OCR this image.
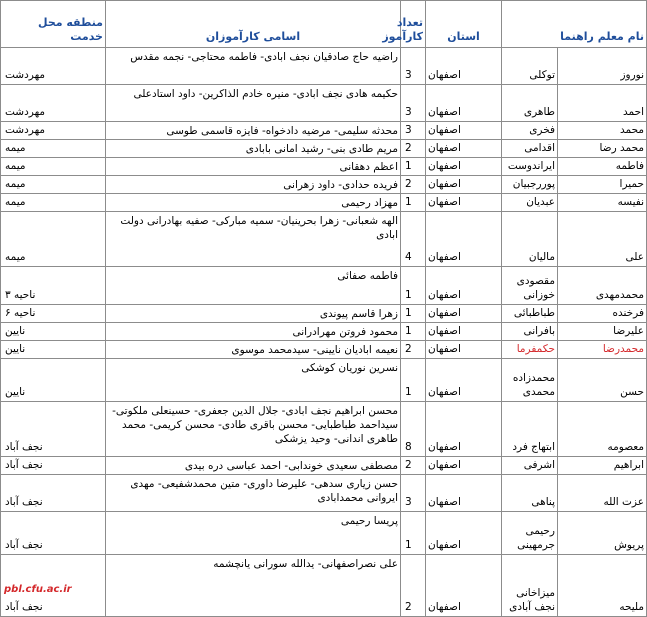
نام معلم راهنما		استان	تعداد کارآموز	اسامی کارآموزان	منطقه محل خدمت
نوروز	توکلی	اصفهان	3	راضیه حاج صادقیان نجف ابادی- فاطمه محتاجی- نجمه مقدس	مهردشت
احمد	طاهری	اصفهان	3	حکیمه هادی نجف ابادی- منیره خادم الذاکرین- داود استادعلی	مهردشت
محمد	فخری	اصفهان	3	محدثه سلیمی- مرضیه دادخواه- فایزه قاسمی طوسی	مهردشت
محمد رضا	اقدامی	اصفهان	2	مریم طادی بنی- رشید امانی بابادی	میمه
فاطمه	ایراندوست	اصفهان	1	اعظم دهقانی	میمه
حمیرا	پوررجبیان	اصفهان	2	فریده حدادی- داود زهرانی	میمه
نفیسه	عبدیان	اصفهان	1	مهزاد رحیمی	میمه
علی	مالیان	اصفهان	4	الهه شعبانی- زهرا بحرینیان- سمیه مبارکی- صفیه بهادرانی دولت ابادی	میمه
محمدمهدی	مقصودی خوزانی	اصفهان	1	فاطمه صفائی	ناحیه ۳
فرخنده	طباطبائی	اصفهان	1	زهرا قاسم پیوندی	ناحیه ۶
علیرضا	بافرانی	اصفهان	1	محمود فروتن مهرادرانی	نایین
محمدرضا	حکمفرما	اصفهان	2	نعیمه ابادیان نایینی- سیدمحمد موسوی	نایین
حسن	محمدزاده محمدی	اصفهان	1	نسرین نوریان کوشکی	نایین
معصومه	ابتهاج فرد	اصفهان	8	محسن ابراهیم نجف ابادی- جلال الدین جعفری- حسینعلی ملکوتی- سیداحمد طباطبایی- محسن باقری طادی- محسن کریمی- محمد طاهری اندانی- وحید یزشکی	نجف آباد
ابراهیم	اشرفی	اصفهان	2	مصطفی سعیدی خوندابی- احمد عباسی دره بیدی	نجف آباد
عزت الله	پناهی	اصفهان	3	حسن زیاری سدهی- علیرضا داوری- متین محمدشفیعی- مهدی ایروانی محمدابادی	نجف آباد
پریوش	رحیمی جرمهینی	اصفهان	1	پریسا رحیمی	نجف آباد
ملیحه	میزاخانی نجف آبادی	اصفهان	2	علی نصراصفهانی- یدالله سورانی یانچشمه	نجف آباد
pbl.cfu.ac.ir
